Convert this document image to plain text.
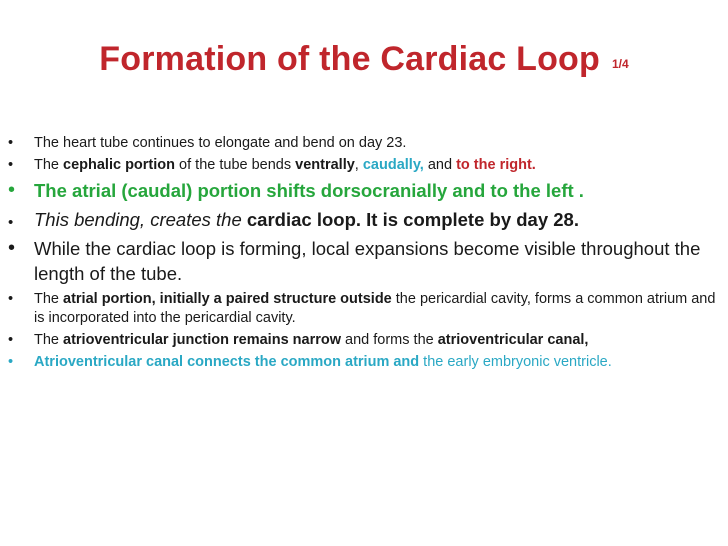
Formation of the Cardiac Loop 1/4
• The heart tube continues to elongate and bend on day 23.
• The cephalic portion of the tube bends ventrally, caudally, and to the right.
• The atrial (caudal) portion shifts dorsocranially and to the left .
• This bending, creates the cardiac loop. It is complete by day 28.
• While the cardiac loop is forming, local expansions become visible throughout the length of the tube.
• The atrial portion, initially a paired structure outside the pericardial cavity, forms a common atrium and is incorporated into the pericardial cavity.
• The atrioventricular junction remains narrow and forms the atrioventricular canal,
• Atrioventricular canal connects the common atrium and the early embryonic ventricle.
